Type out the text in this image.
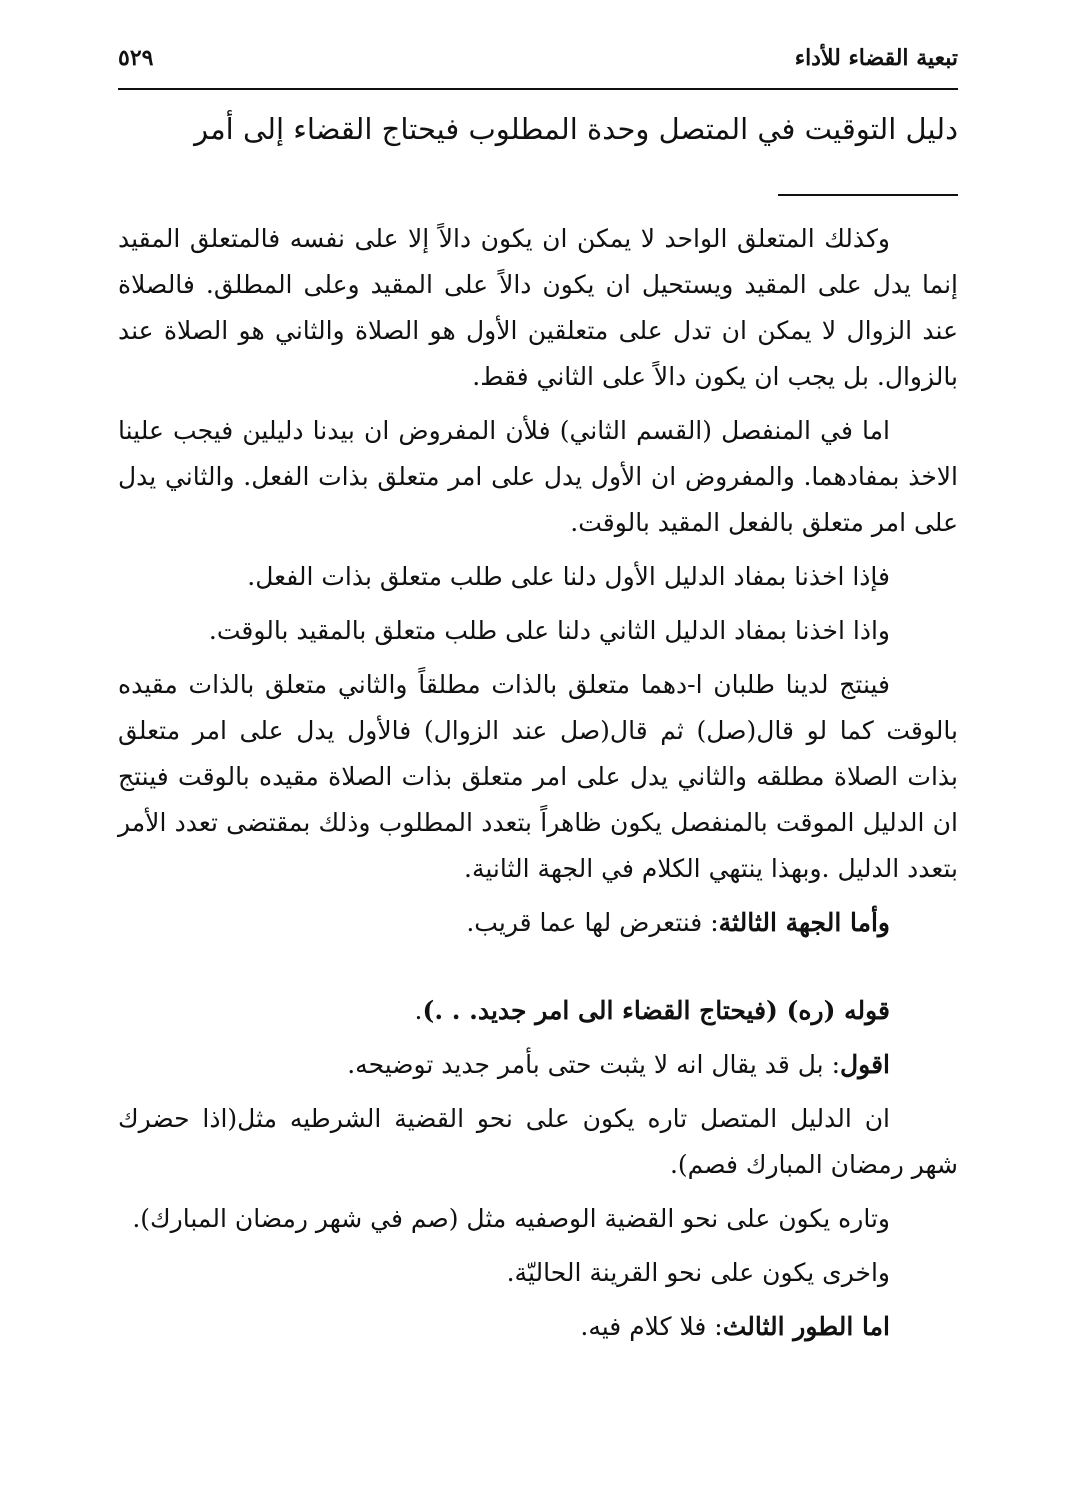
تبعية القضاء للأداء
٥٢٩

دليل التوقيت في المتصل وحدة المطلوب فيحتاج القضاء إلى أمر

وكذلك المتعلق الواحد لا يمكن ان يكون دالاً إلا على نفسه فالمتعلق المقيد إنما يدل على المقيد ويستحيل ان يكون دالاً على المقيد وعلى المطلق. فالصلاة عند الزوال لا يمكن ان تدل على متعلقين الأول هو الصلاة والثاني هو الصلاة عند بالزوال. بل يجب ان يكون دالاً على الثاني فقط.

اما في المنفصل (القسم الثاني) فلأن المفروض ان بيدنا دليلين فيجب علينا الاخذ بمفادهما. والمفروض ان الأول يدل على امر متعلق بذات الفعل. والثاني يدل على امر متعلق بالفعل المقيد بالوقت.

فإذا اخذنا بمفاد الدليل الأول دلنا على طلب متعلق بذات الفعل.

واذا اخذنا بمفاد الدليل الثاني دلنا على طلب متعلق بالمقيد بالوقت.

فينتج لدينا طلبان ا-دهما متعلق بالذات مطلقاً والثاني متعلق بالذات مقيده بالوقت كما لو قال(صل) ثم قال(صل عند الزوال) فالأول يدل على امر متعلق بذات الصلاة مطلقه والثاني يدل على امر متعلق بذات الصلاة مقيده بالوقت فينتج ان الدليل الموقت بالمنفصل يكون ظاهراً بتعدد المطلوب وذلك بمقتضى تعدد الأمر بتعدد الدليل .وبهذا ينتهي الكلام في الجهة الثانية.

وأما الجهة الثالثة: فنتعرض لها عما قريب.

قوله (ره) (فيحتاج القضاء الى امر جديد. . .).

اقول: بل قد يقال انه لا يثبت حتى بأمر جديد توضيحه.

ان الدليل المتصل تاره يكون على نحو القضية الشرطيه مثل(اذا حضرك شهر رمضان المبارك فصم).

وتاره يكون على نحو القضية الوصفيه مثل (صم في شهر رمضان المبارك).

واخرى يكون على نحو القرينة الحاليّة.

اما الطور الثالث: فلا كلام فيه.
